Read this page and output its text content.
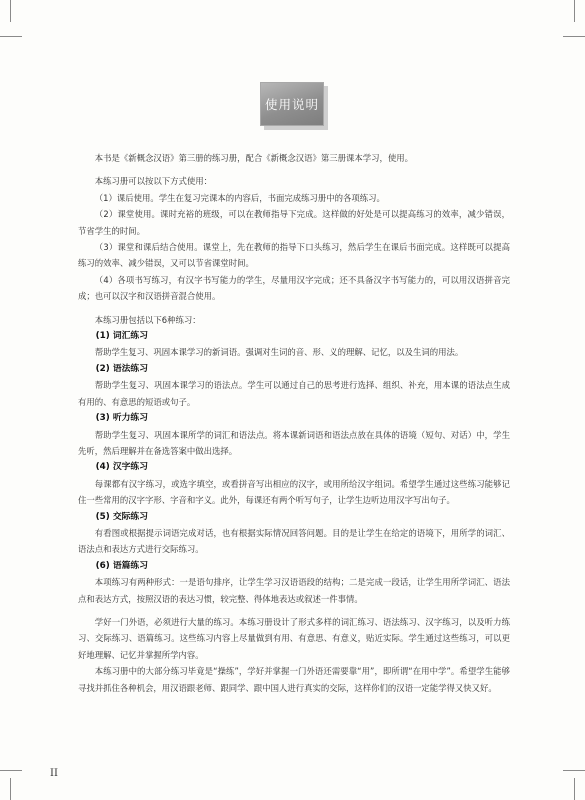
使用说明

本书是《新概念汉语》第三册的练习册，配合《新概念汉语》第三册课本学习，使用。

本练习册可以按以下方式使用：

（1）课后使用。学生在复习完课本的内容后，书面完成练习册中的各项练习。

（2）课堂使用。课时充裕的班级，可以在教师指导下完成。这样做的好处是可以提高练习的效率，减少错误，节省学生的时间。

（3）课堂和课后结合使用。课堂上，先在教师的指导下口头练习，然后学生在课后书面完成。这样既可以提高练习的效率、减少错误，又可以节省课堂时间。

（4）各项书写练习，有汉字书写能力的学生，尽量用汉字完成；还不具备汉字书写能力的，可以用汉语拼音完成；也可以汉字和汉语拼音混合使用。

本练习册包括以下6种练习：

(1) 词汇练习

帮助学生复习、巩固本课学习的新词语。强调对生词的音、形、义的理解、记忆，以及生词的用法。

(2) 语法练习

帮助学生复习、巩固本课学习的语法点。学生可以通过自己的思考进行选择、组织、补充，用本课的语法点生成有用的、有意思的短语或句子。

(3) 听力练习

帮助学生复习、巩固本课所学的词汇和语法点。将本课新词语和语法点放在具体的语境（短句、对话）中，学生先听，然后理解并在备选答案中做出选择。

(4) 汉字练习

每课都有汉字练习，或选字填空，或看拼音写出相应的汉字，或用所给汉字组词。希望学生通过这些练习能够记住一些常用的汉字字形、字音和字义。此外，每课还有两个听写句子，让学生边听边用汉字写出句子。

(5) 交际练习

有看图或根据提示词语完成对话，也有根据实际情况回答问题。目的是让学生在给定的语境下，用所学的词汇、语法点和表达方式进行交际练习。

(6) 语篇练习

本项练习有两种形式：一是语句排序，让学生学习汉语语段的结构；二是完成一段话，让学生用所学词汇、语法点和表达方式，按照汉语的表达习惯，较完整、得体地表达或叙述一件事情。

学好一门外语，必须进行大量的练习。本练习册设计了形式多样的词汇练习、语法练习、汉字练习，以及听力练习、交际练习、语篇练习。这些练习内容上尽量做到有用、有意思、有意义，贴近实际。学生通过这些练习，可以更好地理解、记忆并掌握所学内容。

本练习册中的大部分练习毕竟是“操练”，学好并掌握一门外语还需要靠“用”，即所谓“在用中学”。希望学生能够寻找并抓住各种机会，用汉语跟老师、跟同学、跟中国人进行真实的交际，这样你们的汉语一定能学得又快又好。

II
